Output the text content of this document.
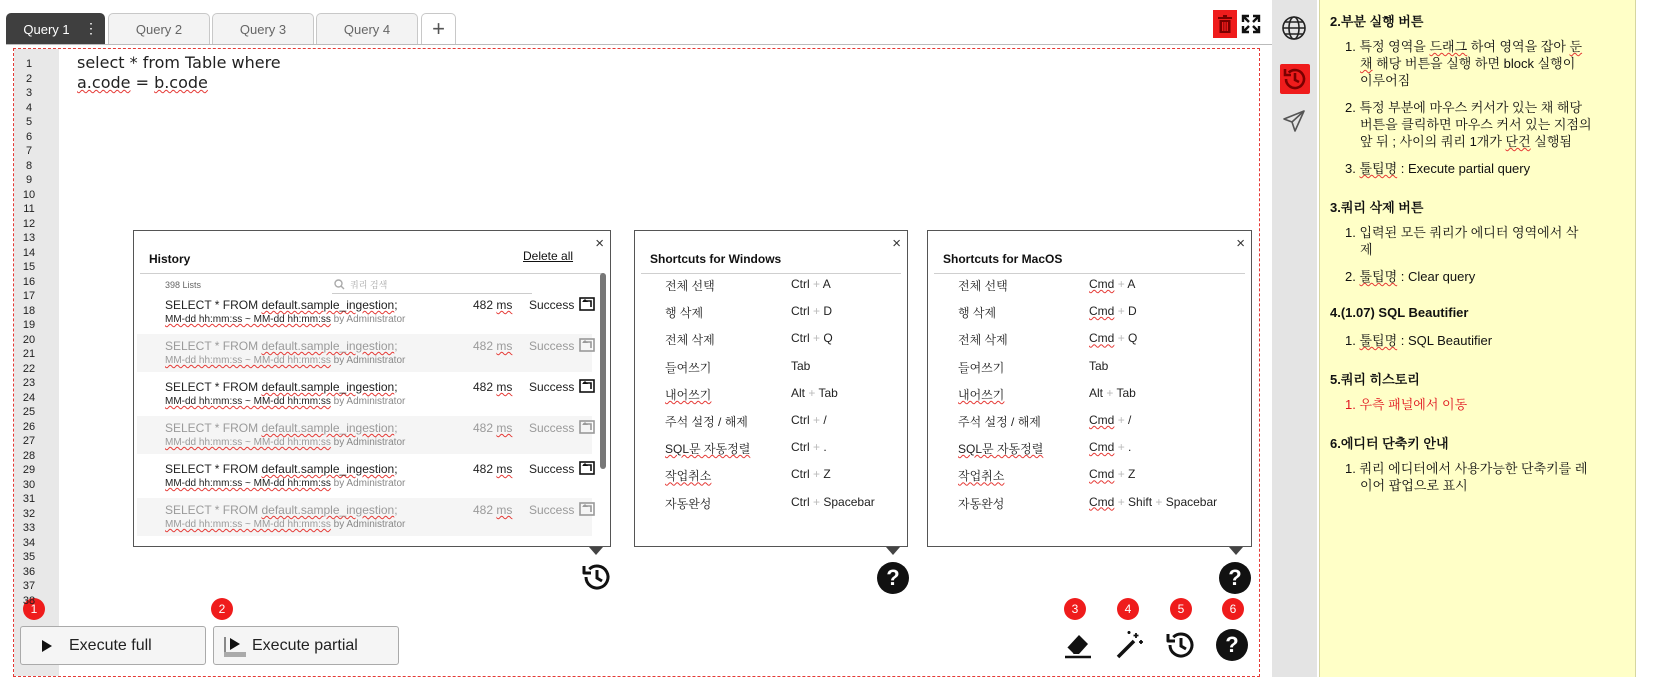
Query 1 ⋮	Query 2	Query 3	Query 4 +
select * from Table where
a.code = b.code
History	Delete all
×
398 Lists	쿼리 검색
SELECT * FROM default.sample_ingestion;
MM-dd hh:mm:ss ~ MM-dd hh:mm:ss by Administrator
482 ms Success
SELECT * FROM default.sample_ingestion;
MM-dd hh:mm:ss ~ MM-dd hh:mm:ss by Administrator
482 ms Success
SELECT * FROM default.sample_ingestion;
MM-dd hh:mm:ss ~ MM-dd hh:mm:ss by Administrator
482 ms Success
SELECT * FROM default.sample_ingestion;
MM-dd hh:mm:ss ~ MM-dd hh:mm:ss by Administrator
482 ms Success
SELECT * FROM default.sample_ingestion;
MM-dd hh:mm:ss ~ MM-dd hh:mm:ss by Administrator
482 ms Success
SELECT * FROM default.sample_ingestion;
MM-dd hh:mm:ss ~ MM-dd hh:mm:ss by Administrator
482 ms Success
Shortcuts for Windows
×
전체 선택	Ctrl + A
행 삭제	Ctrl + D
전체 삭제	Ctrl + Q
들여쓰기	Tab
내어쓰기	Alt + Tab
주석 설정 / 해제	Ctrl + /
SQL문 자동정렬	Ctrl + .
작업취소	Ctrl + Z
자동완성	Ctrl + Spacebar
Shortcuts for MacOS
×
전체 선택	Cmd + A
행 삭제	Cmd + D
전체 삭제	Cmd + Q
들여쓰기	Tab
내어쓰기	Alt + Tab
주석 설정 / 해제	Cmd + /
SQL문 자동정렬	Cmd + .
작업취소	Cmd + Z
자동완성	Cmd + Shift + Spacebar
?	?
1	2	3	4	5	6
Execute full	Execute partial	?
2.부분 실행 버튼
1. 특정 영역을 드래그 하여 영역을 잡아 둔
채 해당 버튼을 실행 하면 block 실행이
이루어짐
2. 특정 부분에 마우스 커서가 있는 채 해당
버튼을 클릭하면 마우스 커서 있는 지점의
앞 뒤 ; 사이의 쿼리 1개가 단건 실행됨
3. 툴팁명 : Execute partial query
3.쿼리 삭제 버튼
1. 입력된 모든 쿼리가 에디터 영역에서 삭
제
2. 툴팁명 : Clear query
4.(1.07) SQL Beautifier
1. 툴팁명 : SQL Beautifier
5.쿼리 히스토리
1. 우측 패널에서 이동
6.에디터 단축키 안내
1. 쿼리 에디터에서 사용가능한 단축키를 레
이어 팝업으로 표시
1
2
3
4
5
6
7
8
9
10
11
12
13
14
15
16
17
18
19
20
21
22
23
24
25
26
27
28
29
30
31
32
33
34
35
36
37
38
